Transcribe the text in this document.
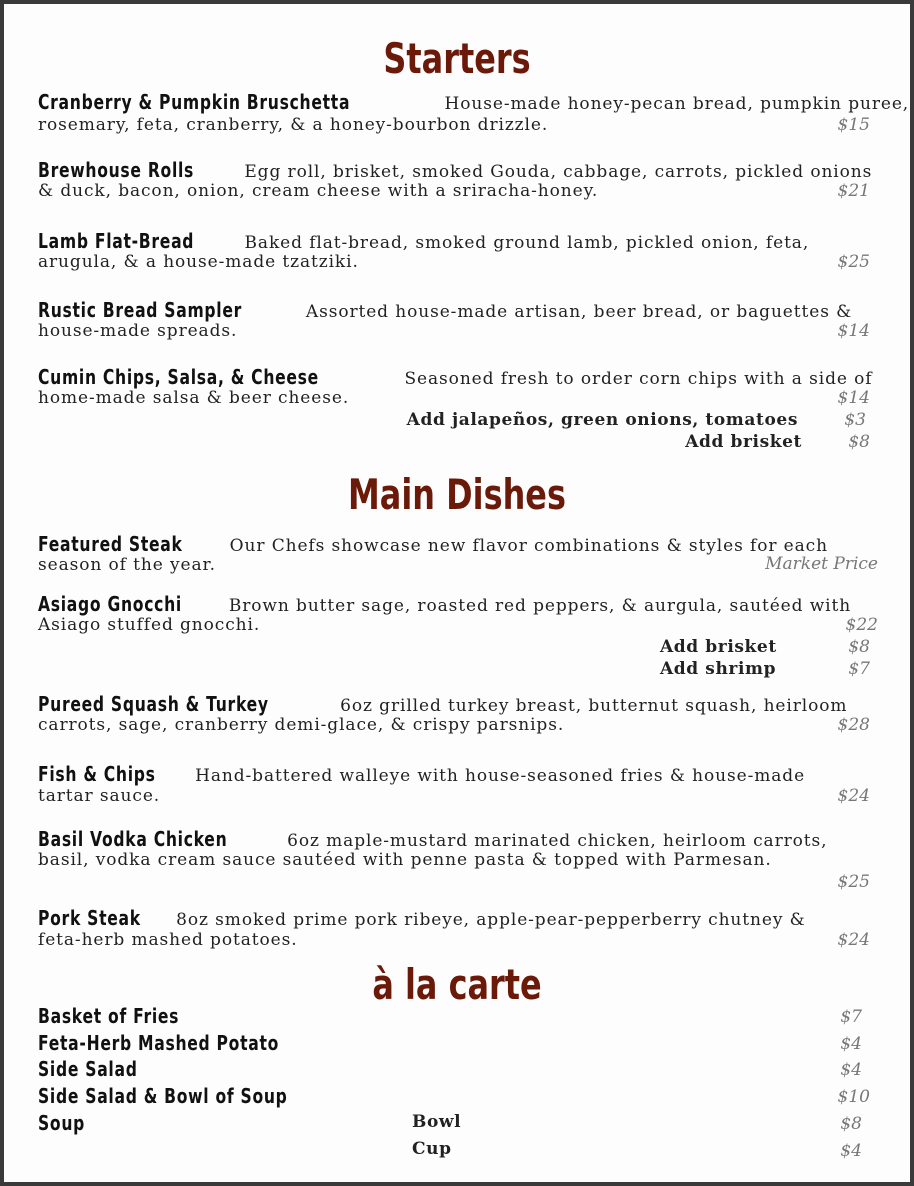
Starters
Cranberry & Pumpkin Bruschetta	House-made honey-pecan bread, pumpkin puree,
rosemary, feta, cranberry, & a honey-bourbon drizzle.	$15
Brewhouse Rolls	Egg roll, brisket, smoked Gouda, cabbage, carrots, pickled onions
& duck, bacon, onion, cream cheese with a sriracha-honey.	$21
Lamb Flat-Bread	Baked flat-bread, smoked ground lamb, pickled onion, feta,
arugula, & a house-made tzatziki.	$25
Rustic Bread Sampler	Assorted house-made artisan, beer bread, or baguettes &
house-made spreads.	$14
Cumin Chips, Salsa, & Cheese	Seasoned fresh to order corn chips with a side of
home-made salsa & beer cheese.	$14
Add jalapeños, green onions, tomatoes	$3
Add brisket	$8
Main Dishes
Featured Steak	Our Chefs showcase new flavor combinations & styles for each
season of the year.	Market Price
Asiago Gnocchi	Brown butter sage, roasted red peppers, & aurgula, sautéed with
Asiago stuffed gnocchi.	$22
Add brisket	$8
Add shrimp	$7
Pureed Squash & Turkey	6oz grilled turkey breast, butternut squash, heirloom
carrots, sage, cranberry demi-glace, & crispy parsnips.	$28
Fish & Chips Hand-battered walleye with house-seasoned fries & house-made
tartar sauce.	$24
Basil Vodka Chicken	6oz maple-mustard marinated chicken, heirloom carrots,
basil, vodka cream sauce sautéed with penne pasta & topped with Parmesan.
$25
Pork Steak 8oz smoked prime pork ribeye, apple-pear-pepperberry chutney &
feta-herb mashed potatoes.	$24
à la carte
Basket of Fries	$7
Feta-Herb Mashed Potato	$4
Side Salad	$4
Side Salad & Bowl of Soup	$10
Soup	Bowl	$8
Cup	$4
